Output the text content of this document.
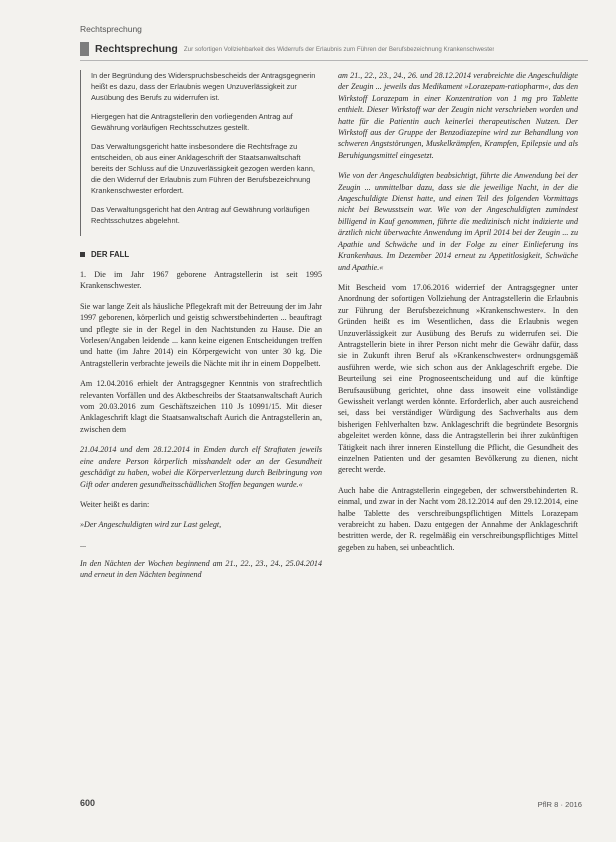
Rechtsprechung
Rechtsprechung Zur sofortigen Vollziehbarkeit des Widerrufs der Erlaubnis zum Führen der Berufsbezeichnung Krankenschwester

In der Begründung des Widerspruchsbescheids der Antragsgegnerin heißt es dazu, dass der Erlaubnis wegen Unzuverlässigkeit zur Ausübung des Berufs zu widerrufen ist.

Hiergegen hat die Antragstellerin den vorliegenden Antrag auf Gewährung vorläufigen Rechtsschutzes gestellt.

Das Verwaltungsgericht hatte insbesondere die Rechtsfrage zu entscheiden, ob aus einer Anklageschrift der Staatsanwaltschaft bereits der Schluss auf die Unzuverlässigkeit gezogen werden kann, die den Widerruf der Erlaubnis zum Führen der Berufsbezeichnung Krankenschwester erfordert.

Das Verwaltungsgericht hat den Antrag auf Gewährung vorläufigen Rechtsschutzes abgelehnt.

DER FALL

1. Die im Jahr 1967 geborene Antragstellerin ist seit 1995 Krankenschwester.

Sie war lange Zeit als häusliche Pflegekraft mit der Betreuung der im Jahr 1997 geborenen, körperlich und geistig schwerstbehinderten ... beauftragt und pflegte sie in der Regel in den Nachtstunden zu Hause. Die an Vorlesen/Angaben leidende ... kann keine eigenen Entscheidungen treffen und hatte (im Jahre 2014) ein Körpergewicht von unter 30 kg. Die Antragstellerin verbrachte jeweils die Nächte mit ihr in einem Doppelbett.

Am 12.04.2016 erhielt der Antragsgegner Kenntnis von strafrechtlich relevanten Vorfällen und des Aktbeschreibs der Staatsanwaltschaft Aurich vom 20.03.2016 zum Geschäftszeichen 110 Js 10991/15. Mit dieser Anklageschrift klagt die Staatsanwaltschaft Aurich die Antragstellerin an, zwischen dem

21.04.2014 und dem 28.12.2014 in Emden durch elf Straftaten jeweils eine andere Person körperlich misshandelt oder an der Gesundheit geschädigt zu haben, wobei die Körperverletzung durch Beibringung von Gift oder anderen gesundheitsschädlichen Stoffen begangen wurde.«

Weiter heißt es darin:

»Der Angeschuldigten wird zur Last gelegt,

...

In den Nächten der Wochen beginnend am 21., 22., 23., 24., 25.04.2014 und erneut in den Nächten beginnend

am 21., 22., 23., 24., 26. und 28.12.2014 verabreichte die Angeschuldigte der Zeugin ... jeweils das Medikament »Lorazepam-ratiopharm«, das den Wirkstoff Lorazepam in einer Konzentration von 1 mg pro Tablette enthielt. Dieser Wirkstoff war der Zeugin nicht verschrieben worden und hatte für die Patientin auch keinerlei therapeutischen Nutzen. Der Wirkstoff aus der Gruppe der Benzodiazepine wird zur Behandlung von schweren Angststörungen, Muskelkrämpfen, Krampfen, Epilepsie und als Beruhigungsmittel eingesetzt.

Wie von der Angeschuldigten beabsichtigt, führte die Anwendung bei der Zeugin ... unmittelbar dazu, dass sie die jeweilige Nacht, in der die Angeschuldigte Dienst hatte, und einen Teil des folgenden Vormittags nicht bei Bewusstsein war. Wie von der Angeschuldigten zumindest billigend in Kauf genommen, führte die medizinisch nicht indizierte und ärztlich nicht überwachte Anwendung im April 2014 bei der Zeugin ... zu Apathie und Schwäche und in der Folge zu einer Einlieferung ins Krankenhaus. Im Dezember 2014 erneut zu Appetitlosigkeit, Schwäche und Apathie.«

Mit Bescheid vom 17.06.2016 widerrief der Antragsgegner unter Anordnung der sofortigen Vollziehung der Antragstellerin die Erlaubnis zur Führung der Berufsbezeichnung »Krankenschwester«. In den Gründen heißt es im Wesentlichen, dass die Erlaubnis wegen Unzuverlässigkeit zur Ausübung des Berufs zu widerrufen sei. Die Antragstellerin biete in ihrer Person nicht mehr die Gewähr dafür, dass sie in Zukunft ihren Beruf als »Krankenschwester« ordnungsgemäß ausführen werde, wie sich schon aus der Anklageschrift ergebe. Die Beurteilung sei eine Prognoseentscheidung und auf die künftige Berufsausübung gerichtet, ohne dass insoweit eine vollständige Gewissheit verlangt werden könnte. Erforderlich, aber auch ausreichend sei, dass bei verständiger Würdigung des Sachverhalts aus dem bisherigen Fehlverhalten bzw. Anklageschrift die begründete Besorgnis abgeleitet werden könne, dass die Antragstellerin bei ihrer zukünftigen Tätigkeit nach ihrer inneren Einstellung die Pflicht, die Gesundheit des einzelnen Patienten und der gesamten Bevölkerung zu dienen, nicht gerecht werde.

Auch habe die Antragstellerin eingegeben, der schwerstbehinderten R. einmal, und zwar in der Nacht vom 28.12.2014 auf den 29.12.2014, eine halbe Tablette des verschreibungspflichtigen Mittels Lorazepam verabreicht zu haben. Dazu entgegen der Annahme der Anklageschrift bestritten werde, der R. regelmäßig ein verschreibungspflichtiges Mittel gegeben zu haben, sei unbeachtlich.

600	PflR 8 · 2016
